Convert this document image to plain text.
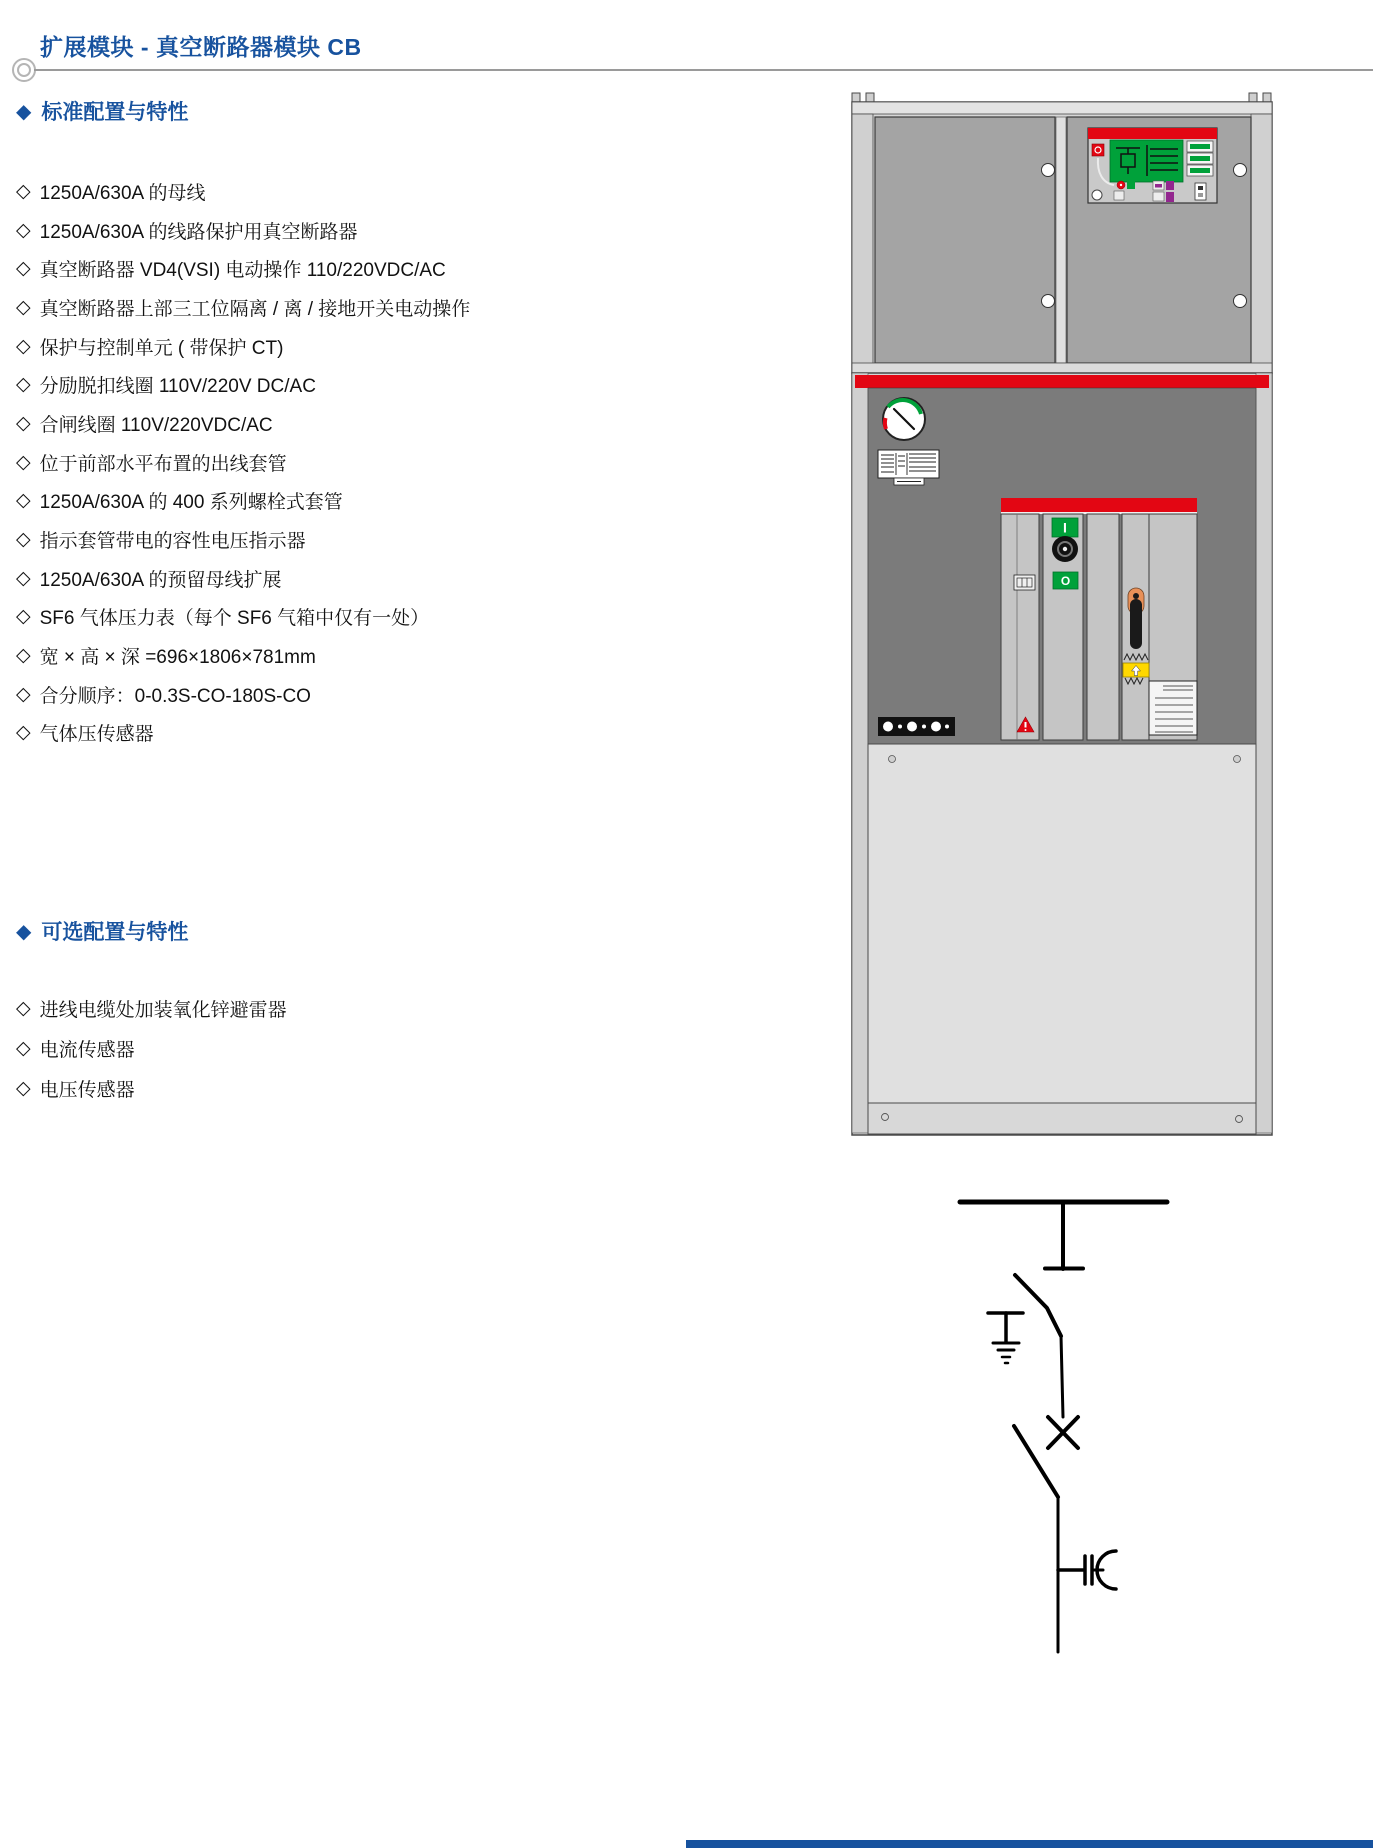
扩展模块 - 真空断路器模块 CB
◆ 标准配置与特性
◇ 1250A/630A 的母线
◇ 1250A/630A 的线路保护用真空断路器
◇ 真空断路器 VD4(VSI) 电动操作 110/220VDC/AC
◇ 真空断路器上部三工位隔离 / 离 / 接地开关电动操作
◇ 保护与控制单元 ( 带保护 CT)
◇ 分励脱扣线圈 110V/220V DC/AC
◇ 合闸线圈 110V/220VDC/AC
◇ 位于前部水平布置的出线套管
◇ 1250A/630A 的 400 系列螺栓式套管
◇ 指示套管带电的容性电压指示器
◇ 1250A/630A 的预留母线扩展
◇ SF6 气体压力表（每个 SF6 气箱中仅有一处）
◇ 宽 × 高 × 深 =696×1806×781mm
◇ 合分顺序：0-0.3S-CO-180S-CO
◇ 气体压传感器
◆ 可选配置与特性
◇ 进线电缆处加装氧化锌避雷器
◇ 电流传感器
◇ 电压传感器
I
O
